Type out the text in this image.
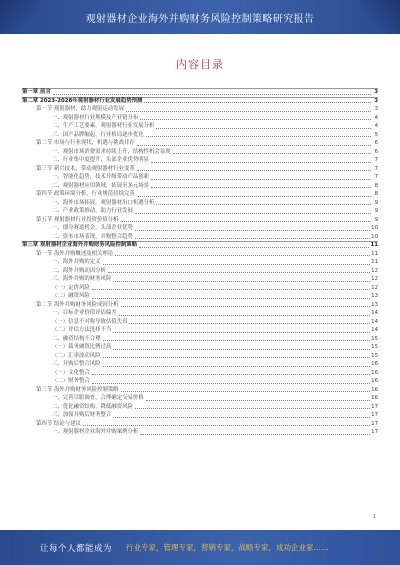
观射器材企业海外并购财务风险控制策略研究报告
内容目录
第一章 前言	3
第二章 2023-2028年观射器材行业发展趋势预测	3
第一节 观射器材，助力观射运动发展	3
一、观射器材行业规模及产业链分布	4
二、生产工艺要素，观射器材行业发展分析	4
三、国产品牌崛起，行业格局逐步优化	5
第二节 市场与行业现状，机遇与挑战并存	6
一、观射市场消费需求持续上升，结构性机会显现	6
二、行业集中度提升，头部企业优势明显	7
第三节 新兴技术，带动观射器材行业变革	7
一、智能化趋势，技术升级带动产品创新	7
二、观射器材应用领域，拓展至多元场景	8
第四节 政策环境分析，行业规范持续完善	8
一、海外市场拓展，观射器材出口机遇分析	9
二、产业政策推动，助力行业发展	9
第五节 观射器材行业投资价值分析	9
一、细分赛道机会，头部企业优势	10
二、资本市场表现，并购整合趋势	10
第三章 观射器材企业海外并购财务风险控制策略	11
第一节 海外并购概述及相关理论	11
一、海外并购的定义	11
二、海外并购动因分析	12
三、海外并购的财务风险	12
（一）定价风险	12
（二）融资风险	13
第二节 海外并购财务风险成因分析	13
一、目标企业价值评估偏差	14
（一）信息不对称导致估值失真	14
（二）评估方法选择不当	14
二、融资结构不合理	15
（一）债务融资比例过高	15
（二）汇率波动风险	15
三、并购后整合风险	16
（一）文化整合	16
（二）财务整合	16
第三节 海外并购财务风险控制策略	16
一、完善尽职调查，合理确定交易价格	16
二、优化融资结构，降低融资风险	17
三、加强并购后财务整合	17
第四节 结论与建议	17
一、观射器材企业海外并购案例分析	17
1
让每个人都能成为 行业专家，管理专家，营销专家，战略专家，成功企业家……
